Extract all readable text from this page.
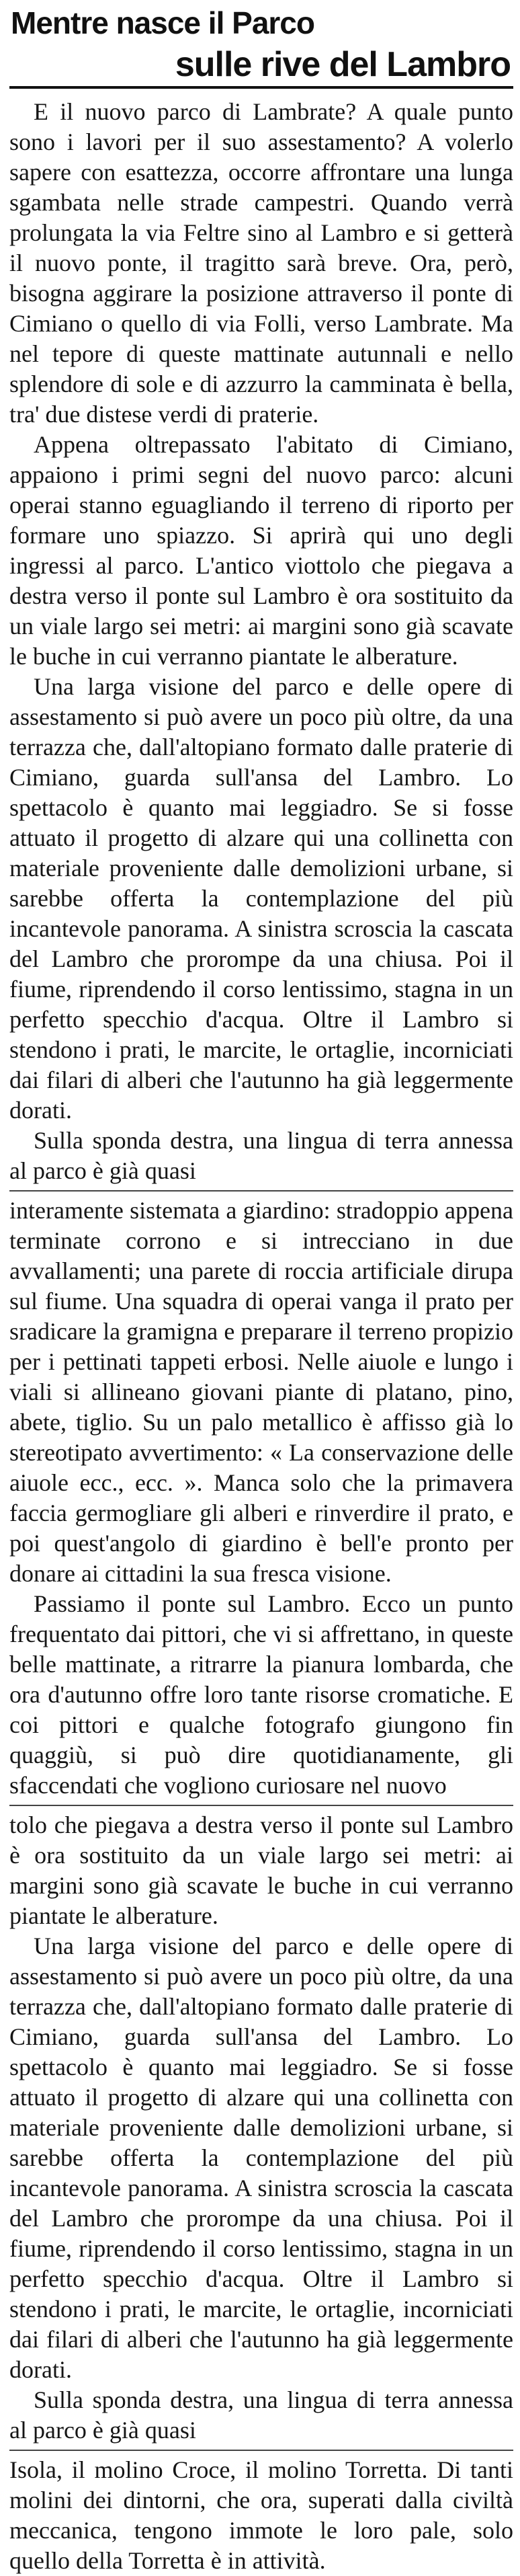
Mentre nasce il Parco
sulle rive del Lambro

E il nuovo parco di Lambrate? A quale punto sono i lavori per il suo assestamento? A volerlo sapere con esattezza, occorre affrontare una lunga sgambata nelle strade campestri. Quando verrà prolungata la via Feltre sino al Lambro e si getterà il nuovo ponte, il tragitto sarà breve. Ora, però, bisogna aggirare la posizione attraverso il ponte di Cimiano o quello di via Folli, verso Lambrate. Ma nel tepore di queste mattinate autunnali e nello splendore di sole e di azzurro la camminata è bella, tra' due distese verdi di praterie.

Appena oltrepassato l'abitato di Cimiano, appaiono i primi segni del nuovo parco: alcuni operai stanno eguagliando il terreno di riporto per formare uno spiazzo. Si aprirà qui uno degli ingressi al parco. L'antico viottolo che piegava a destra verso il ponte sul Lambro è ora sostituito da un viale largo sei metri: ai margini sono già scavate le buche in cui verranno piantate le alberature.

Una larga visione del parco e delle opere di assestamento si può avere un poco più oltre, da una terrazza che, dall'altopiano formato dalle praterie di Cimiano, guarda sull'ansa del Lambro. Lo spettacolo è quanto mai leggiadro. Se si fosse attuato il progetto di alzare qui una collinetta con materiale proveniente dalle demolizioni urbane, si sarebbe offerta la contemplazione del più incantevole panorama. A sinistra scroscia la cascata del Lambro che prorompe da una chiusa. Poi il fiume, riprendendo il corso lentissimo, stagna in un perfetto specchio d'acqua. Oltre il Lambro si stendono i prati, le marcite, le ortaglie, incorniciati dai filari di alberi che l'autunno ha già leggermente dorati.

Sulla sponda destra, una lingua di terra annessa al parco è già quasi

interamente sistemata a giardino: stradoppio appena terminate corrono e si intrecciano in due avvallamenti; una parete di roccia artificiale dirupa sul fiume. Una squadra di operai vanga il prato per sradicare la gramigna e preparare il terreno propizio per i pettinati tappeti erbosi. Nelle aiuole e lungo i viali si allineano giovani piante di platano, pino, abete, tiglio. Su un palo metallico è affisso già lo stereotipato avvertimento: « La conservazione delle aiuole ecc., ecc. ». Manca solo che la primavera faccia germogliare gli alberi e rinverdire il prato, e poi quest'angolo di giardino è bell'e pronto per donare ai cittadini la sua fresca visione.

Passiamo il ponte sul Lambro. Ecco un punto frequentato dai pittori, che vi si affrettano, in queste belle mattinate, a ritrarre la pianura lombarda, che ora d'autunno offre loro tante risorse cromatiche. E coi pittori e qualche fotografo giungono fin quaggiù, si può dire quotidianamente, gli sfaccendati che vogliono curiosare nel nuovo

tolo che piegava a destra verso il ponte sul Lambro è ora sostituito da un viale largo sei metri: ai margini sono già scavate le buche in cui verranno piantate le alberature.

Una larga visione del parco e delle opere di assestamento si può avere un poco più oltre, da una terrazza che, dall'altopiano formato dalle praterie di Cimiano, guarda sull'ansa del Lambro. Lo spettacolo è quanto mai leggiadro. Se si fosse attuato il progetto di alzare qui una collinetta con materiale proveniente dalle demolizioni urbane, si sarebbe offerta la contemplazione del più incantevole panorama. A sinistra scroscia la cascata del Lambro che prorompe da una chiusa. Poi il fiume, riprendendo il corso lentissimo, stagna in un perfetto specchio d'acqua. Oltre il Lambro si stendono i prati, le marcite, le ortaglie, incorniciati dai filari di alberi che l'autunno ha già leggermente dorati.

Sulla sponda destra, una lingua di terra annessa al parco è già quasi

Isola, il molino Croce, il molino Torretta. Di tanti molini dei dintorni, che ora, superati dalla civiltà meccanica, tengono immote le loro pale, solo quello della Torretta è in attività.
